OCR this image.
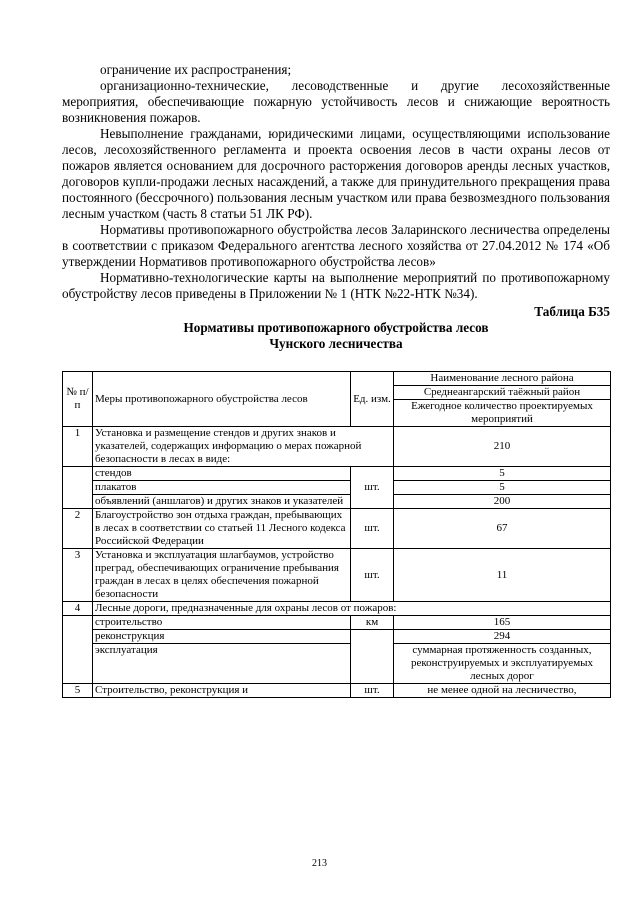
ограничение их распространения;

организационно-технические, лесоводственные и другие лесохозяйственные мероприятия, обеспечивающие пожарную устойчивость лесов и снижающие вероятность возникновения пожаров.

Невыполнение гражданами, юридическими лицами, осуществляющими использование лесов, лесохозяйственного регламента и проекта освоения лесов в части охраны лесов от пожаров является основанием для досрочного расторжения договоров аренды лесных участков, договоров купли-продажи лесных насаждений, а также для принудительного прекращения права постоянного (бессрочного) пользования лесным участком или права безвозмездного пользования лесным участком (часть 8 статьи 51 ЛК РФ).

Нормативы противопожарного обустройства лесов Заларинского лесничества определены в соответствии с приказом Федерального агентства лесного хозяйства от 27.04.2012 № 174 «Об утверждении Нормативов противопожарного обустройства лесов»

Нормативно-технологические карты на выполнение мероприятий по противопожарному обустройству лесов приведены в Приложении № 1 (НТК №22-НТК №34).

Таблица Б35

Нормативы противопожарного обустройства лесов

Чунского лесничества

№ п/п	Меры противопожарного обустройства лесов	Ед. изм.	Наименование лесного района
			Среднеангарский таёжный район
			Ежегодное количество проектируемых мероприятий
1	Установка и размещение стендов и других знаков и указателей, содержащих информацию о мерах пожарной безопасности в лесах в виде:		210
	стендов	шт.	5
	плакатов		5
	объявлений (аншлагов) и других знаков и указателей		200
2	Благоустройство зон отдыха граждан, пребывающих в лесах в соответствии со статьей 11 Лесного кодекса Российской Федерации	шт.	67
3	Установка и эксплуатация шлагбаумов, устройство преград, обеспечивающих ограничение пребывания граждан в лесах в целях обеспечения пожарной безопасности	шт.	11
4	Лесные дороги, предназначенные для охраны лесов от пожаров:		
	строительство	км	165
	реконструкция		294
	эксплуатация		суммарная протяженность созданных, реконструируемых и эксплуатируемых лесных дорог
5	Строительство, реконструкция и	шт.	не менее одной на лесничество,
213
